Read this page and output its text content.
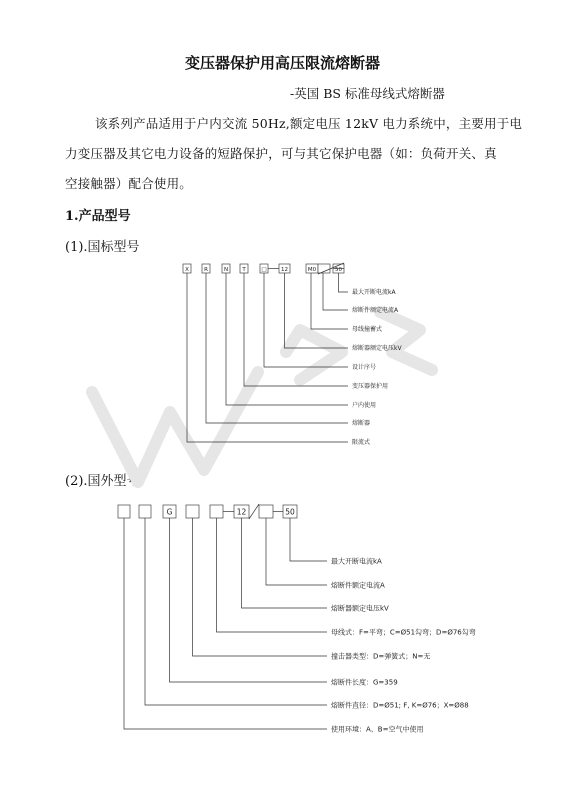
变压器保护用高压限流熔断器
-英国 BS 标准母线式熔断器
该系列产品适用于户内交流 50Hz,额定电压 12kV 电力系统中，主要用于电
力变压器及其它电力设备的短路保护，可与其它保护电器（如：负荷开关、真
空接触器）配合使用。
1.产品型号
(1).国标型号
(2).国外型号
X	R	N	T	□	12	M0	50
最大开断电流kA
熔断件额定电流A
母线撞蓄式
熔断器额定电压kV
设计序号
变压器保护用
户内使用
熔断器
限流式
G	12	50
最大开断电流kA
熔断件额定电流A
熔断器额定电压kV
母线式：F=平弯；C=Ø51勾弯；D=Ø76勾弯
撞击器类型：D=弹簧式；N=无
熔断件长度：G=359
熔断件直径：D=Ø51; F, K=Ø76；X=Ø88
使用环境：A、B=空气中使用
